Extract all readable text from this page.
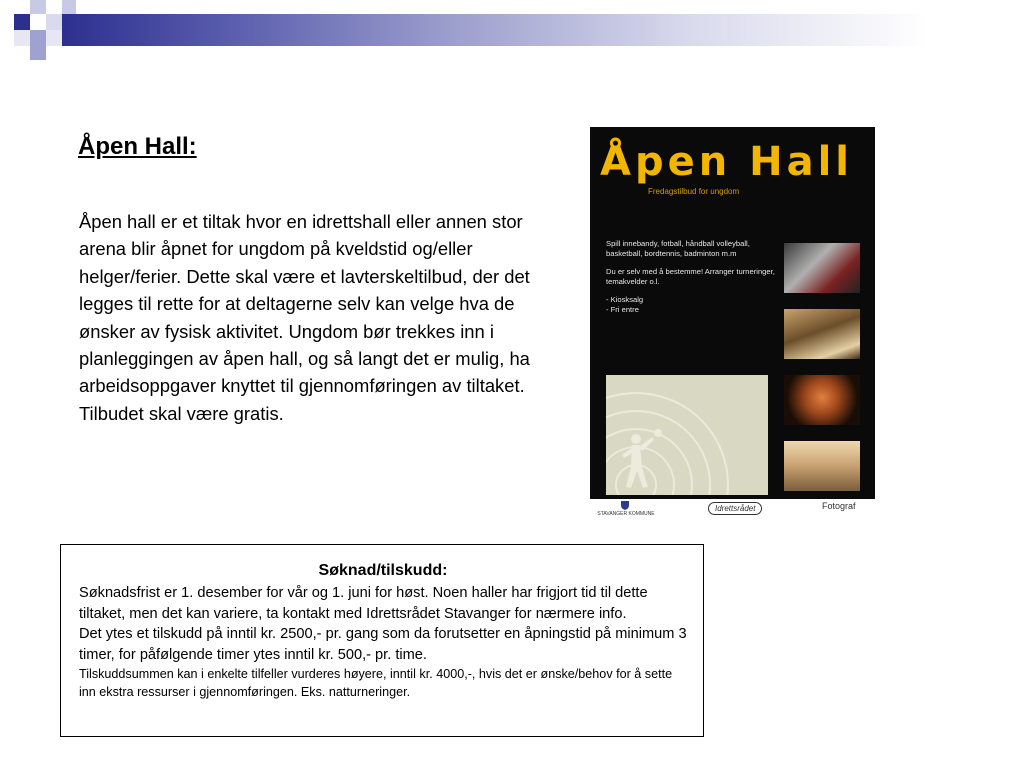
Åpen Hall:

Åpen hall er et tiltak hvor en idrettshall eller annen stor arena blir åpnet for ungdom på kveldstid og/eller helger/ferier. Dette skal være et lavterskeltilbud, der det legges til rette for at deltagerne selv kan velge hva de ønsker av fysisk aktivitet. Ungdom bør trekkes inn i planleggingen av åpen hall, og så langt det er mulig, ha arbeidsoppgaver knyttet til gjennomføringen av tiltaket. Tilbudet skal være gratis.

Åpen Hall
Fredagstilbud for ungdom

Spill innebandy, fotball, håndball volleyball, basketball, bordtennis, badminton m.m

Du er selv med å bestemme! Arranger turneringer, temakvelder o.l.

- Kiosksalg
- Fri entre
STAVANGER KOMMUNE
Idrettsrådet	Fotograf
Søknad/tilskudd:

Søknadsfrist er 1. desember for vår og 1. juni for høst. Noen haller har frigjort tid til dette tiltaket, men det kan variere, ta kontakt med Idrettsrådet Stavanger for nærmere info.

Det ytes et tilskudd på inntil kr. 2500,- pr. gang som da forutsetter en åpningstid på minimum 3 timer, for påfølgende timer ytes inntil kr. 500,- pr. time.

Tilskuddsummen kan i enkelte tilfeller vurderes høyere, inntil kr. 4000,-, hvis det er ønske/behov for å sette inn ekstra ressurser i gjennomføringen. Eks. natturneringer.
